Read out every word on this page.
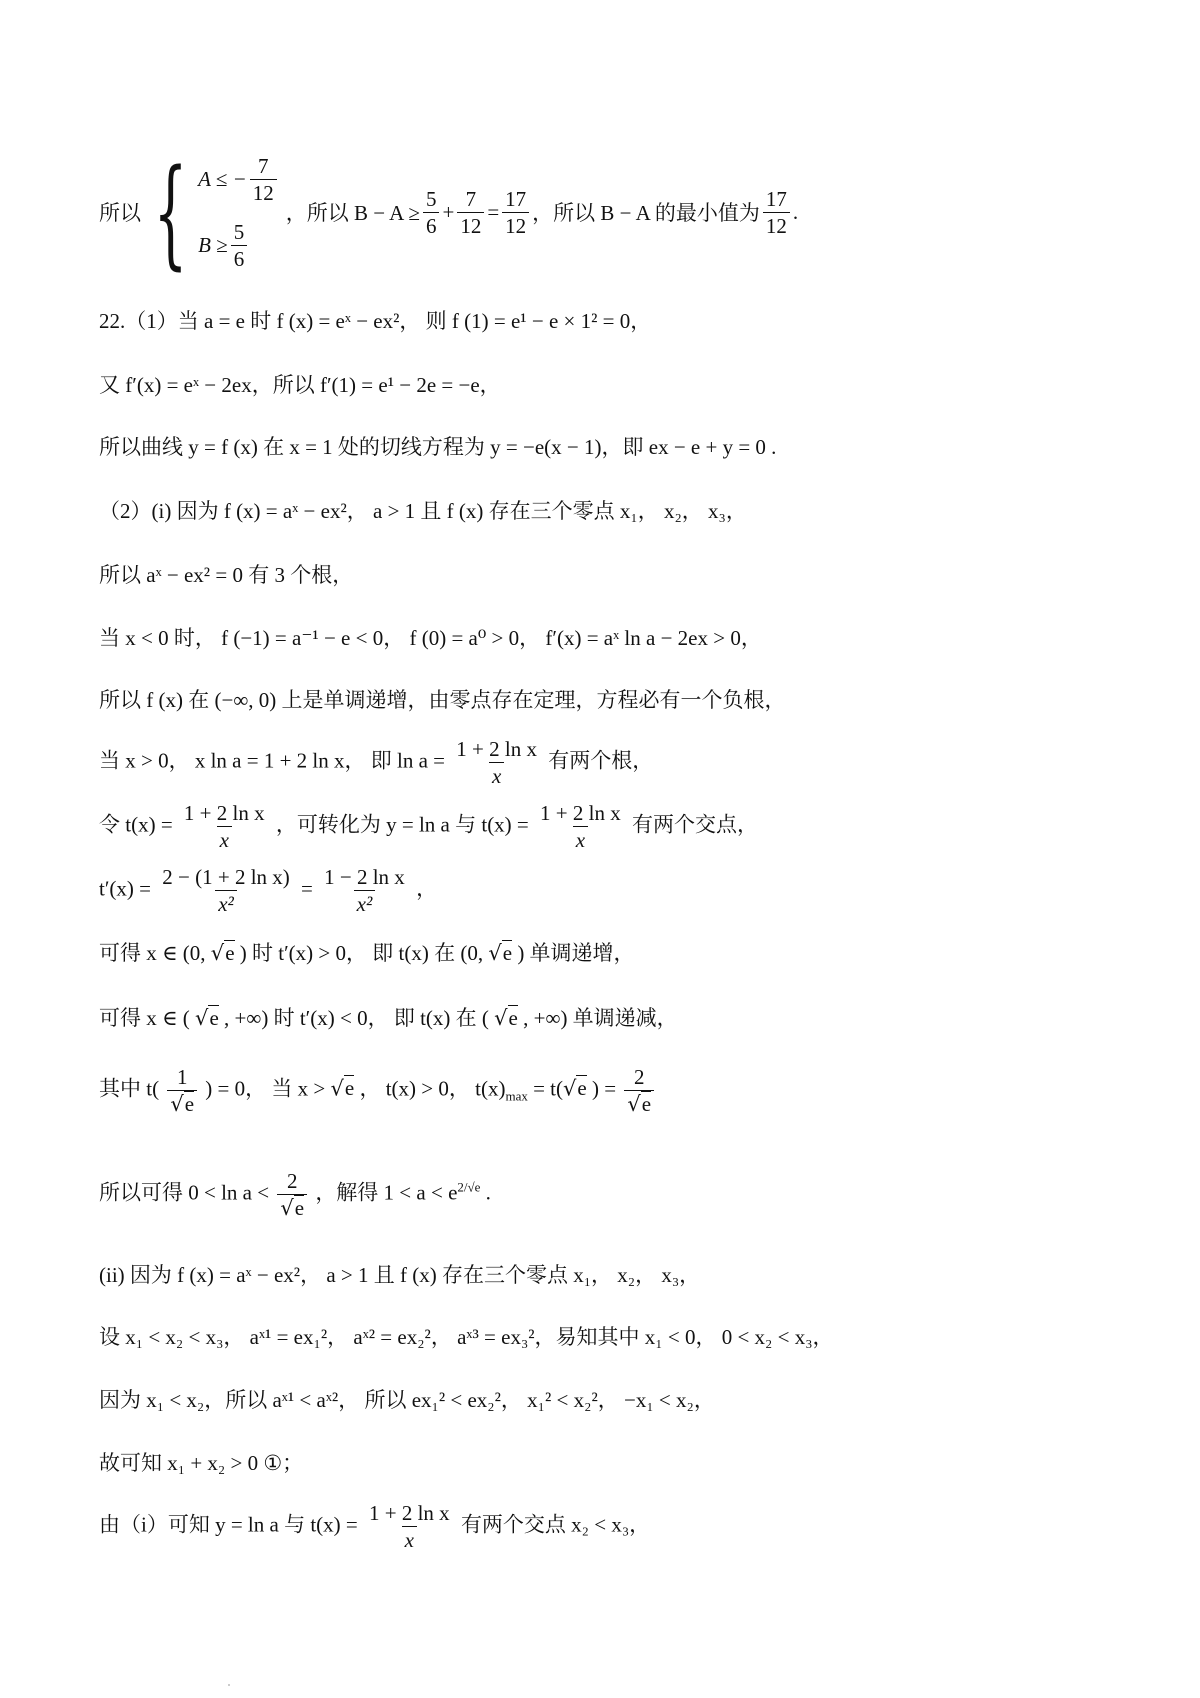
所以 { A ≤ − $\frac{7}{12}$
$B \ge \frac{5}{6}$
，所以 $B - A \ge \frac{5}{6} + \frac{7}{12} = \frac{17}{12}$ ，所以 B − A 的最小值为 $\frac{17}{12}$ .
22.（1）当 a = e 时 f (x) = eˣ − ex²， 则 f (1) = e¹ − e × 1² = 0，
又 f′(x) = eˣ − 2ex，所以 f′(1) = e¹ − 2e = −e，
所以曲线 y = f (x) 在 x = 1 处的切线方程为 y = −e(x − 1)，即 ex − e + y = 0 .
（2）(i) 因为 f (x) = aˣ − ex²， a > 1 且 f (x) 存在三个零点 x₁， x₂， x₃，
所以 aˣ − ex² = 0 有 3 个根，
当 x < 0 时， f (−1) = a⁻¹ − e < 0， f (0) = a⁰ > 0， f′(x) = aˣ ln a − 2ex > 0，
所以 f (x) 在 (−∞, 0) 上是单调递增，由零点存在定理，方程必有一个负根，
当 x > 0， x ln a = 1 + 2 ln x， 即 $\ln a = \frac{\text{1 + 2 ln x}}{x}$ 有两个根，
令 $t(x) = \frac{\text{1 + 2 ln x}}{x}$ ，可转化为 y = ln a 与 $t(x) = \frac{\text{1 + 2 ln x}}{x}$ 有两个交点，
$t'(x) = \frac{\text{2 − (1 + 2 ln x)}}{\text{x²}} = \frac{\text{1 − 2 ln x}}{\text{x²}}$ ，
可得 x ∈ (0, √e ) 时 t′(x) > 0， 即 t(x) 在 (0, √e ) 单调递增，
可得 x ∈ ( √e , +∞) 时 t′(x) < 0， 即 t(x) 在 ( √e , +∞) 单调递减，
其中 $t( \frac{1}{√e}$ ) = 0， 当 x > √e ， t(x) > 0， $t(x)_{max} = t(√e$ ) = $\frac{2}{√e}$
所以可得 $0 < \ln a < \frac{2}{√e}$ ，解得 $1 < a < e^{2/√e}$ .
(ii) 因为 f (x) = aˣ − ex²， a > 1 且 f (x) 存在三个零点 x₁， x₂， x₃，
设 x₁ < x₂ < x₃， aˣ¹ = ex₁²， aˣ² = ex₂²， aˣ³ = ex₃²，易知其中 x₁ < 0， 0 < x₂ < x₃，
因为 x₁ < x₂，所以 aˣ¹ < aˣ²， 所以 ex₁² < ex₂²， x₁² < x₂²， −x₁ < x₂，
故可知 x₁ + x₂ > 0 ①；
由（i）可知 y = ln a 与 $t(x) = \frac{\text{1 + 2 ln x}}{x}$ 有两个交点 x₂ < x₃，
